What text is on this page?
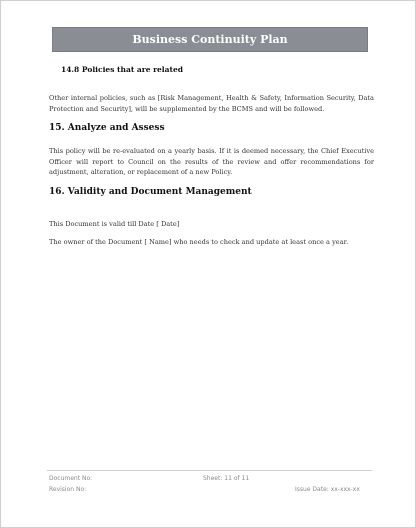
Business Continuity Plan
14.8 Policies that are related

Other internal policies, such as [Risk Management, Health & Safety, Information Security, Data Protection and Security], will be supplemented by the BCMS and will be followed.

15. Analyze and Assess

This policy will be re-evaluated on a yearly basis. If it is deemed necessary, the Chief Executive Officer will report to Council on the results of the review and offer recommendations for adjustment, alteration, or replacement of a new Policy.

16. Validity and Document Management

This Document is valid till Date [ Date]

The owner of the Document [ Name] who needs to check and update at least once a year.

Document No:	Sheet: 11 of 11
Revision No:	Issue Date: xx-xxx-xx
